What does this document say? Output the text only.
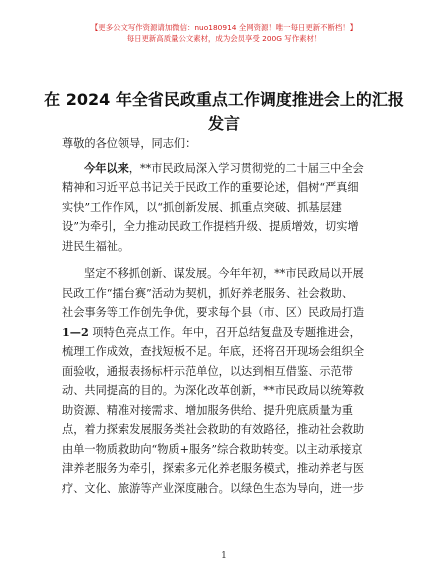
【更多公文写作资源请加微信：nuo180914 全网资源！唯一每日更新不断档！】
每日更新高质量公文素材，成为会员享受 200G 写作素材！
在 2024 年全省民政重点工作调度推进会上的汇报发言
尊敬的各位领导，同志们：
今年以来，**市民政局深入学习贯彻党的二十届三中全会
精神和习近平总书记关于民政工作的重要论述，倡树“严真细
实快”工作作风，以“抓创新发展、抓重点突破、抓基层建
设”为牵引，全力推动民政工作提档升级、提质增效，切实增
进民生福祉。
坚定不移抓创新、谋发展。今年年初，**市民政局以开展
民政工作“擂台赛”活动为契机，抓好养老服务、社会救助、
社会事务等工作创先争优，要求每个县（市、区）民政局打造
1—2 项特色亮点工作。年中，召开总结复盘及专题推进会，
梳理工作成效，查找短板不足。年底，还将召开现场会组织全
面验收，通报表扬标杆示范单位，以达到相互借鉴、示范带
动、共同提高的目的。为深化改革创新，**市民政局以统筹救
助资源、精准对接需求、增加服务供给、提升兜底质量为重
点，着力探索发展服务类社会救助的有效路径，推动社会救助
由单一物质救助向“物质+服务”综合救助转变。以主动承接京
津养老服务为牵引，探索多元化养老服务模式，推动养老与医
疗、文化、旅游等产业深度融合。以绿色生态为导向，进一步
1
